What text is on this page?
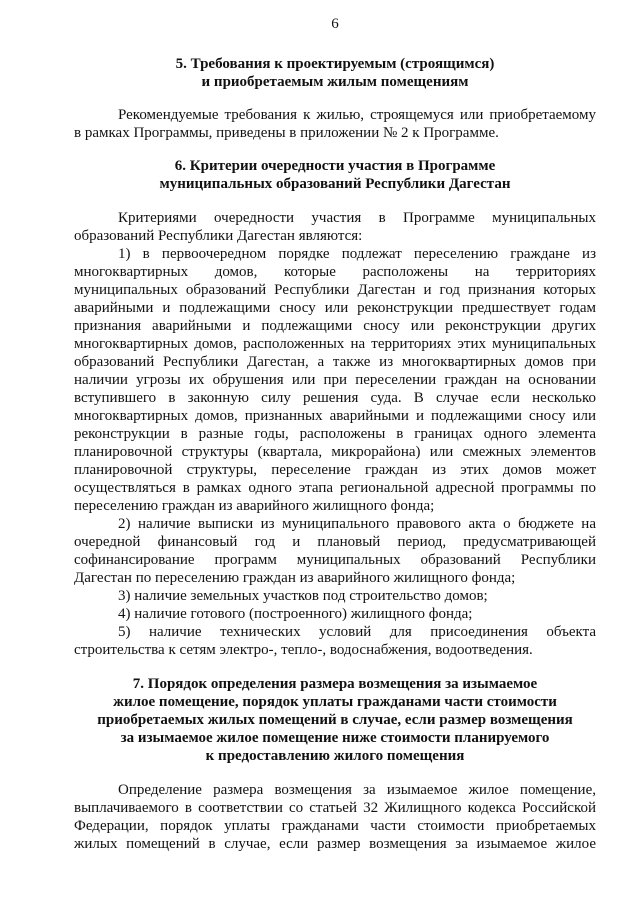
6
5. Требования к проектируемым (строящимся)
и приобретаемым жилым помещениям
Рекомендуемые требования к жилью, строящемуся или приобретаемому
в рамках Программы, приведены в приложении № 2 к Программе.
6. Критерии очередности участия в Программе
муниципальных образований Республики Дагестан
Критериями очередности участия в Программе муниципальных
образований Республики Дагестан являются:
1) в первоочередном порядке подлежат переселению граждане из
многоквартирных домов, которые расположены на территориях
муниципальных образований Республики Дагестан и год признания которых
аварийными и подлежащими сносу или реконструкции предшествует годам
признания аварийными и подлежащими сносу или реконструкции других
многоквартирных домов, расположенных на территориях этих муниципальных
образований Республики Дагестан, а также из многоквартирных домов при
наличии угрозы их обрушения или при переселении граждан на основании
вступившего в законную силу решения суда. В случае если несколько
многоквартирных домов, признанных аварийными и подлежащими сносу или
реконструкции в разные годы, расположены в границах одного элемента
планировочной структуры (квартала, микрорайона) или смежных элементов
планировочной структуры, переселение граждан из этих домов может
осуществляться в рамках одного этапа региональной адресной программы по
переселению граждан из аварийного жилищного фонда;
2) наличие выписки из муниципального правового акта о бюджете на
очередной финансовый год и плановый период, предусматривающей
софинансирование программ муниципальных образований Республики
Дагестан по переселению граждан из аварийного жилищного фонда;
3) наличие земельных участков под строительство домов;
4) наличие готового (построенного) жилищного фонда;
5) наличие технических условий для присоединения объекта
строительства к сетям электро-, тепло-, водоснабжения, водоотведения.
7. Порядок определения размера возмещения за изымаемое
жилое помещение, порядок уплаты гражданами части стоимости
приобретаемых жилых помещений в случае, если размер возмещения
за изымаемое жилое помещение ниже стоимости планируемого
к предоставлению жилого помещения
Определение размера возмещения за изымаемое жилое помещение,
выплачиваемого в соответствии со статьей 32 Жилищного кодекса Российской
Федерации, порядок уплаты гражданами части стоимости приобретаемых
жилых помещений в случае, если размер возмещения за изымаемое жилое
